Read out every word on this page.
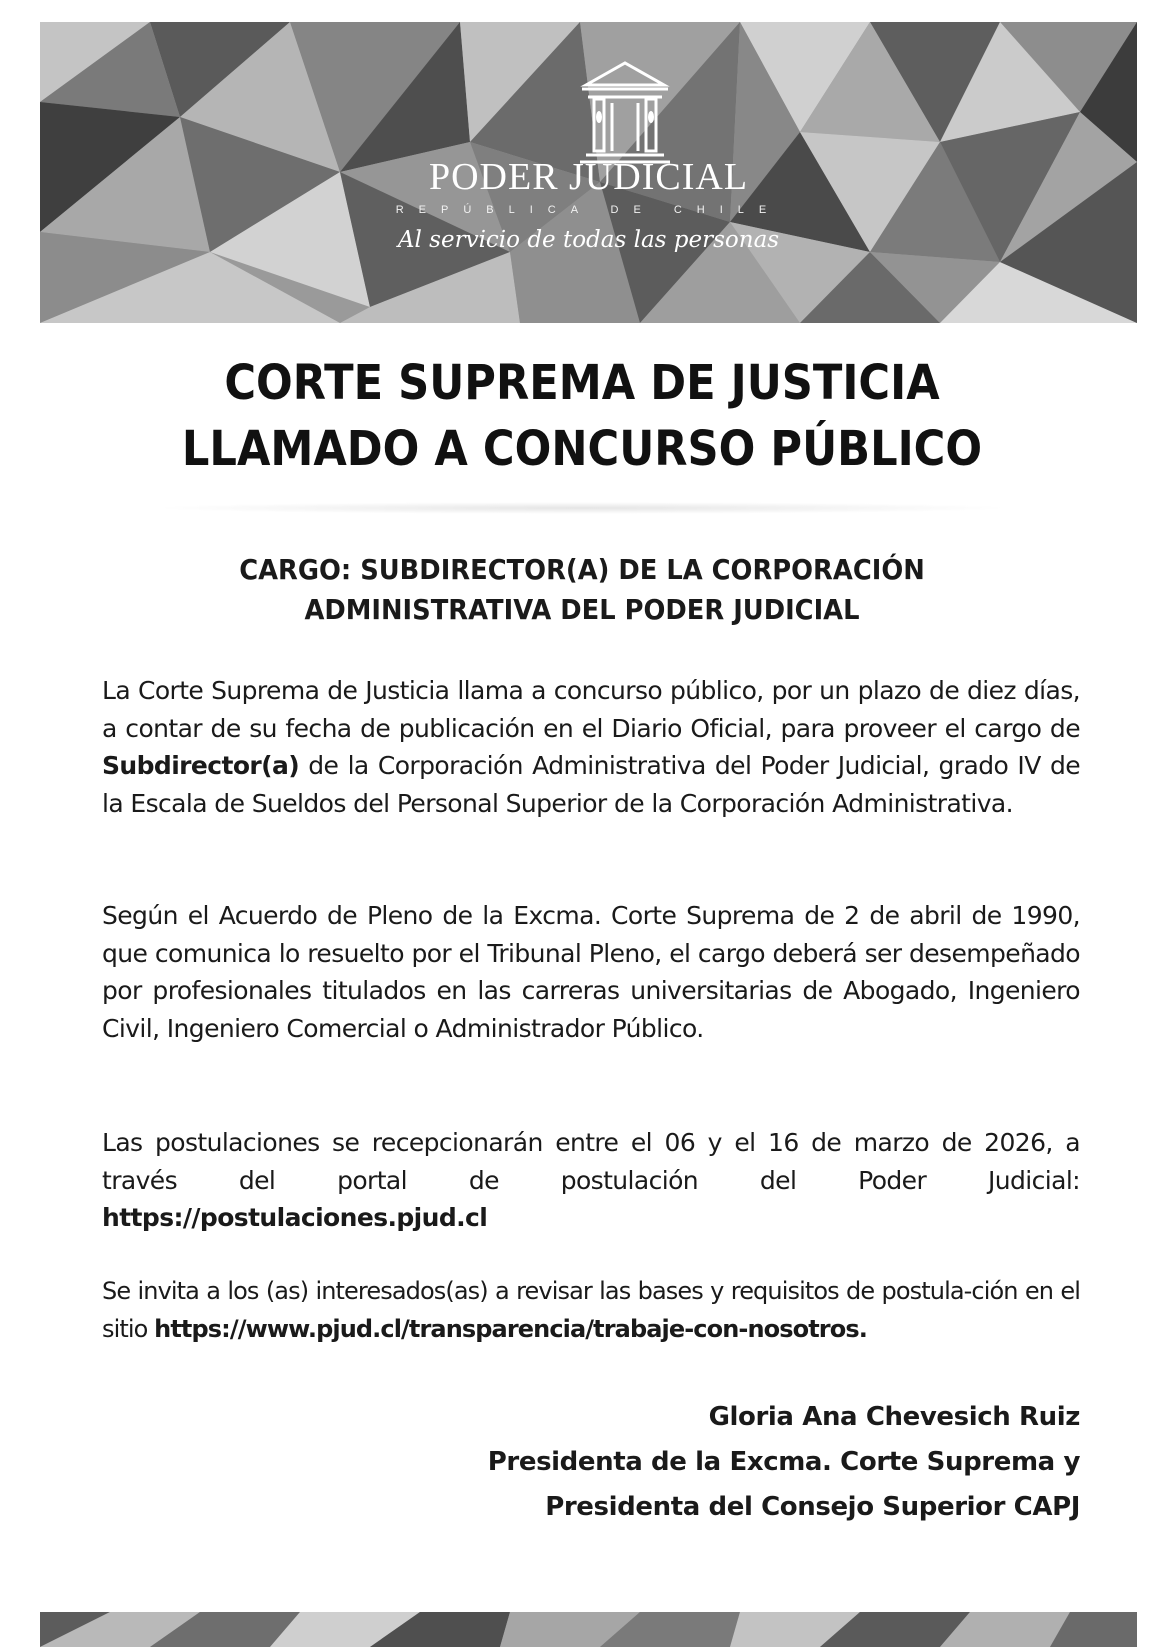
PODER JUDICIAL
REPÚBLICA DE CHILE
Al servicio de todas las personas
CORTE SUPREMA DE JUSTICIA
LLAMADO A CONCURSO PÚBLICO
CARGO: SUBDIRECTOR(A) DE LA CORPORACIÓN
ADMINISTRATIVA DEL PODER JUDICIAL
La Corte Suprema de Justicia llama a concurso público, por un plazo de diez días, a contar de su fecha de publicación en el Diario Oficial, para proveer el cargo de Subdirector(a) de la Corporación Administrativa del Poder Judicial, grado IV de la Escala de Sueldos del Personal Superior de la Corporación Administrativa.
Según el Acuerdo de Pleno de la Excma. Corte Suprema de 2 de abril de 1990, que comunica lo resuelto por el Tribunal Pleno, el cargo deberá ser desempeñado por profesionales titulados en las carreras universitarias de Abogado, Ingeniero Civil, Ingeniero Comercial o Administrador Público.
Las postulaciones se recepcionarán entre el 06 y el 16 de marzo de 2026, a través del portal de postulación del Poder Judicial: https://postulaciones.pjud.cl
Se invita a los (as) interesados(as) a revisar las bases y requisitos de postula-ción en el sitio https://www.pjud.cl/transparencia/trabaje-con-nosotros.
Gloria Ana Chevesich Ruiz
Presidenta de la Excma. Corte Suprema y
Presidenta del Consejo Superior CAPJ
